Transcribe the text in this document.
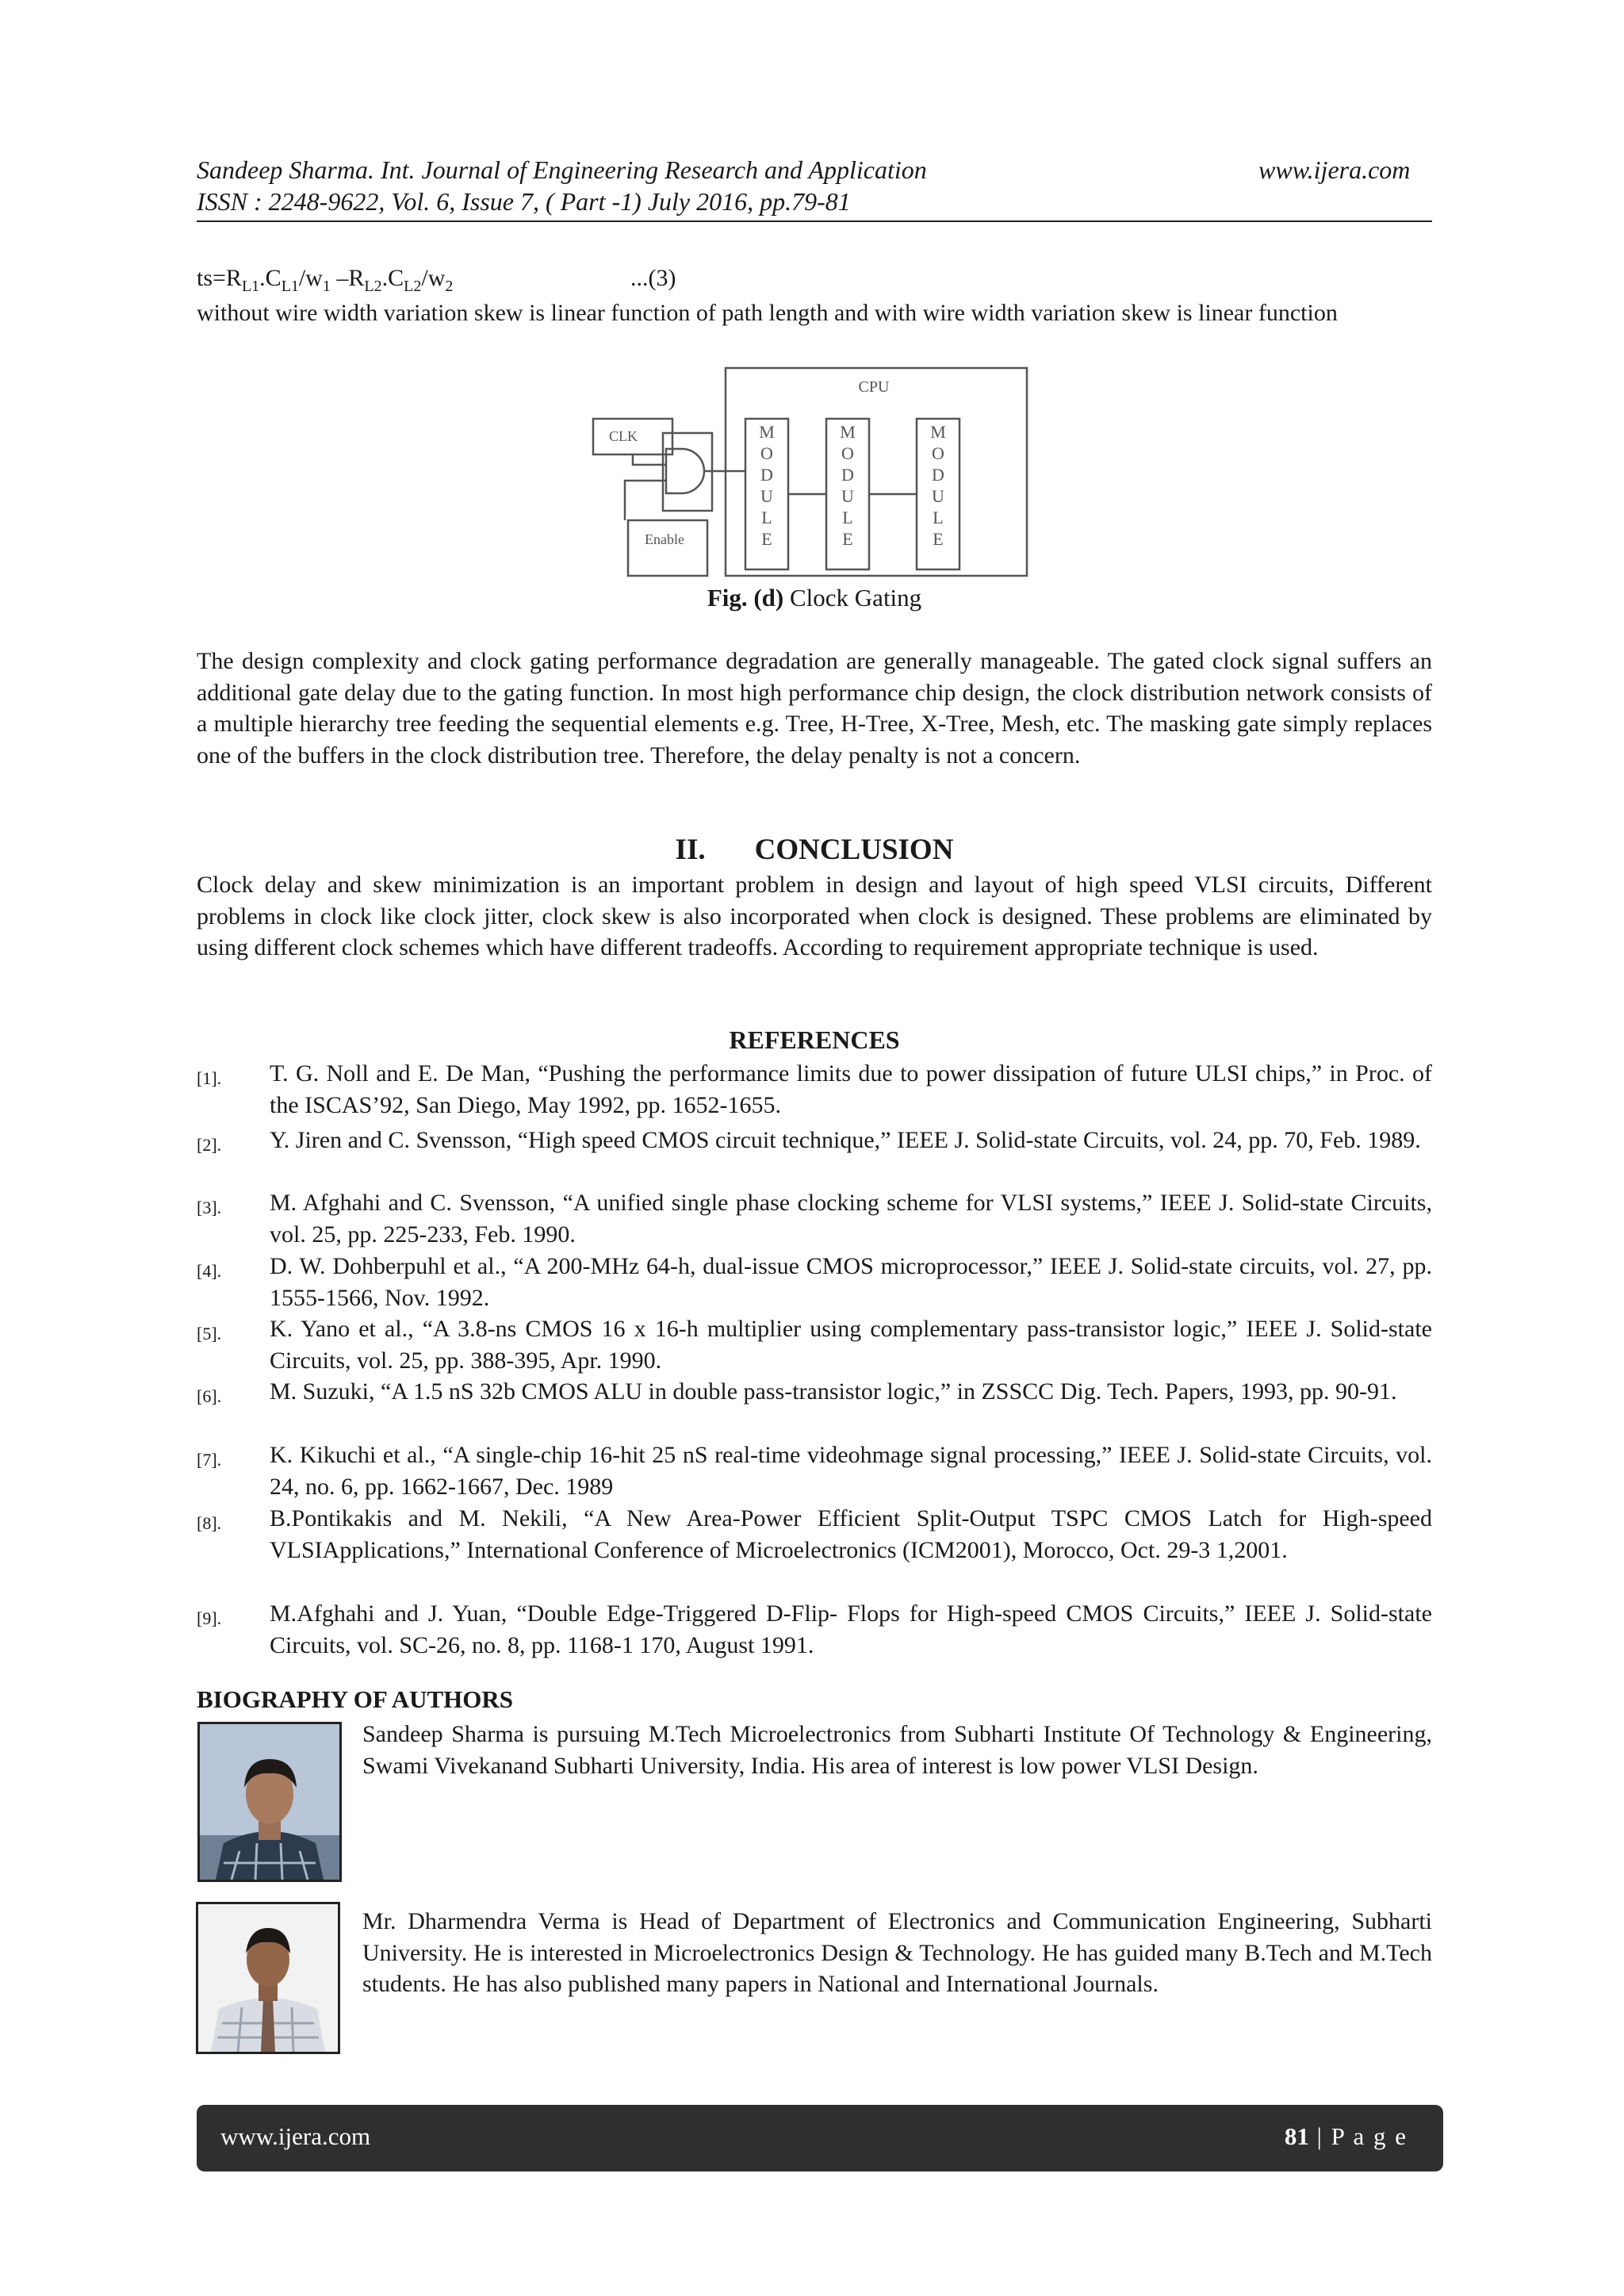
Sandeep Sharma. Int. Journal of Engineering Research and Application	www.ijera.com
ISSN : 2248-9622, Vol. 6, Issue 7, ( Part -1) July 2016, pp.79-81
$ts=R_{L1}.C_{L1}/w_1$ $-R_{L2}.C_{L2}/w_2$	...(3)
without wire width variation skew is linear function of path length and with wire width variation skew is linear function
CPU
CLK
Enable
M
O
D
U
L
E
M
O
D
U
L
E
M
O
D
U
L
E
Fig. (d) Clock Gating
The design complexity and clock gating performance degradation are generally manageable. The gated clock signal suffers an additional gate delay due to the gating function. In most high performance chip design, the clock distribution network consists of a multiple hierarchy tree feeding the sequential elements e.g. Tree, H-Tree, X-Tree, Mesh, etc. The masking gate simply replaces one of the buffers in the clock distribution tree. Therefore, the delay penalty is not a concern.
II. CONCLUSION
Clock delay and skew minimization is an important problem in design and layout of high speed VLSI circuits, Different problems in clock like clock jitter, clock skew is also incorporated when clock is designed. These problems are eliminated by using different clock schemes which have different tradeoffs. According to requirement appropriate technique is used.
REFERENCES
[1]. T. G. Noll and E. De Man, “Pushing the performance limits due to power dissipation of future ULSI chips,” in Proc. of the ISCAS’92, San Diego, May 1992, pp. 1652-1655.
[2]. Y. Jiren and C. Svensson, “High speed CMOS circuit technique,” IEEE J. Solid-state Circuits, vol. 24, pp. 70, Feb. 1989.
[3]. M. Afghahi and C. Svensson, “A unified single phase clocking scheme for VLSI systems,” IEEE J. Solid-state Circuits, vol. 25, pp. 225-233, Feb. 1990.
[4]. D. W. Dohberpuhl et al., “A 200-MHz 64-h, dual-issue CMOS microprocessor,” IEEE J. Solid-state circuits, vol. 27, pp. 1555-1566, Nov. 1992.
[5]. K. Yano et al., “A 3.8-ns CMOS 16 x 16-h multiplier using complementary pass-transistor logic,” IEEE J. Solid-state Circuits, vol. 25, pp. 388-395, Apr. 1990.
[6]. M. Suzuki, “A 1.5 nS 32b CMOS ALU in double pass-transistor logic,” in ZSSCC Dig. Tech. Papers, 1993, pp. 90-91.
[7]. K. Kikuchi et al., “A single-chip 16-hit 25 nS real-time videohmage signal processing,” IEEE J. Solid-state Circuits, vol. 24, no. 6, pp. 1662-1667, Dec. 1989
[8]. B.Pontikakis and M. Nekili, “A New Area-Power Efficient Split-Output TSPC CMOS Latch for High-speed VLSIApplications,” International Conference of Microelectronics (ICM2001), Morocco, Oct. 29-3 1,2001.
[9]. M.Afghahi and J. Yuan, “Double Edge-Triggered D-Flip- Flops for High-speed CMOS Circuits,” IEEE J. Solid-state Circuits, vol. SC-26, no. 8, pp. 1168-1 170, August 1991.
BIOGRAPHY OF AUTHORS
Sandeep Sharma is pursuing M.Tech Microelectronics from Subharti Institute Of Technology & Engineering, Swami Vivekanand Subharti University, India. His area of interest is low power VLSI Design.
Mr. Dharmendra Verma is Head of Department of Electronics and Communication Engineering, Subharti University. He is interested in Microelectronics Design & Technology. He has guided many B.Tech and M.Tech students. He has also published many papers in National and International Journals.
www.ijera.com	81 | P a g e
